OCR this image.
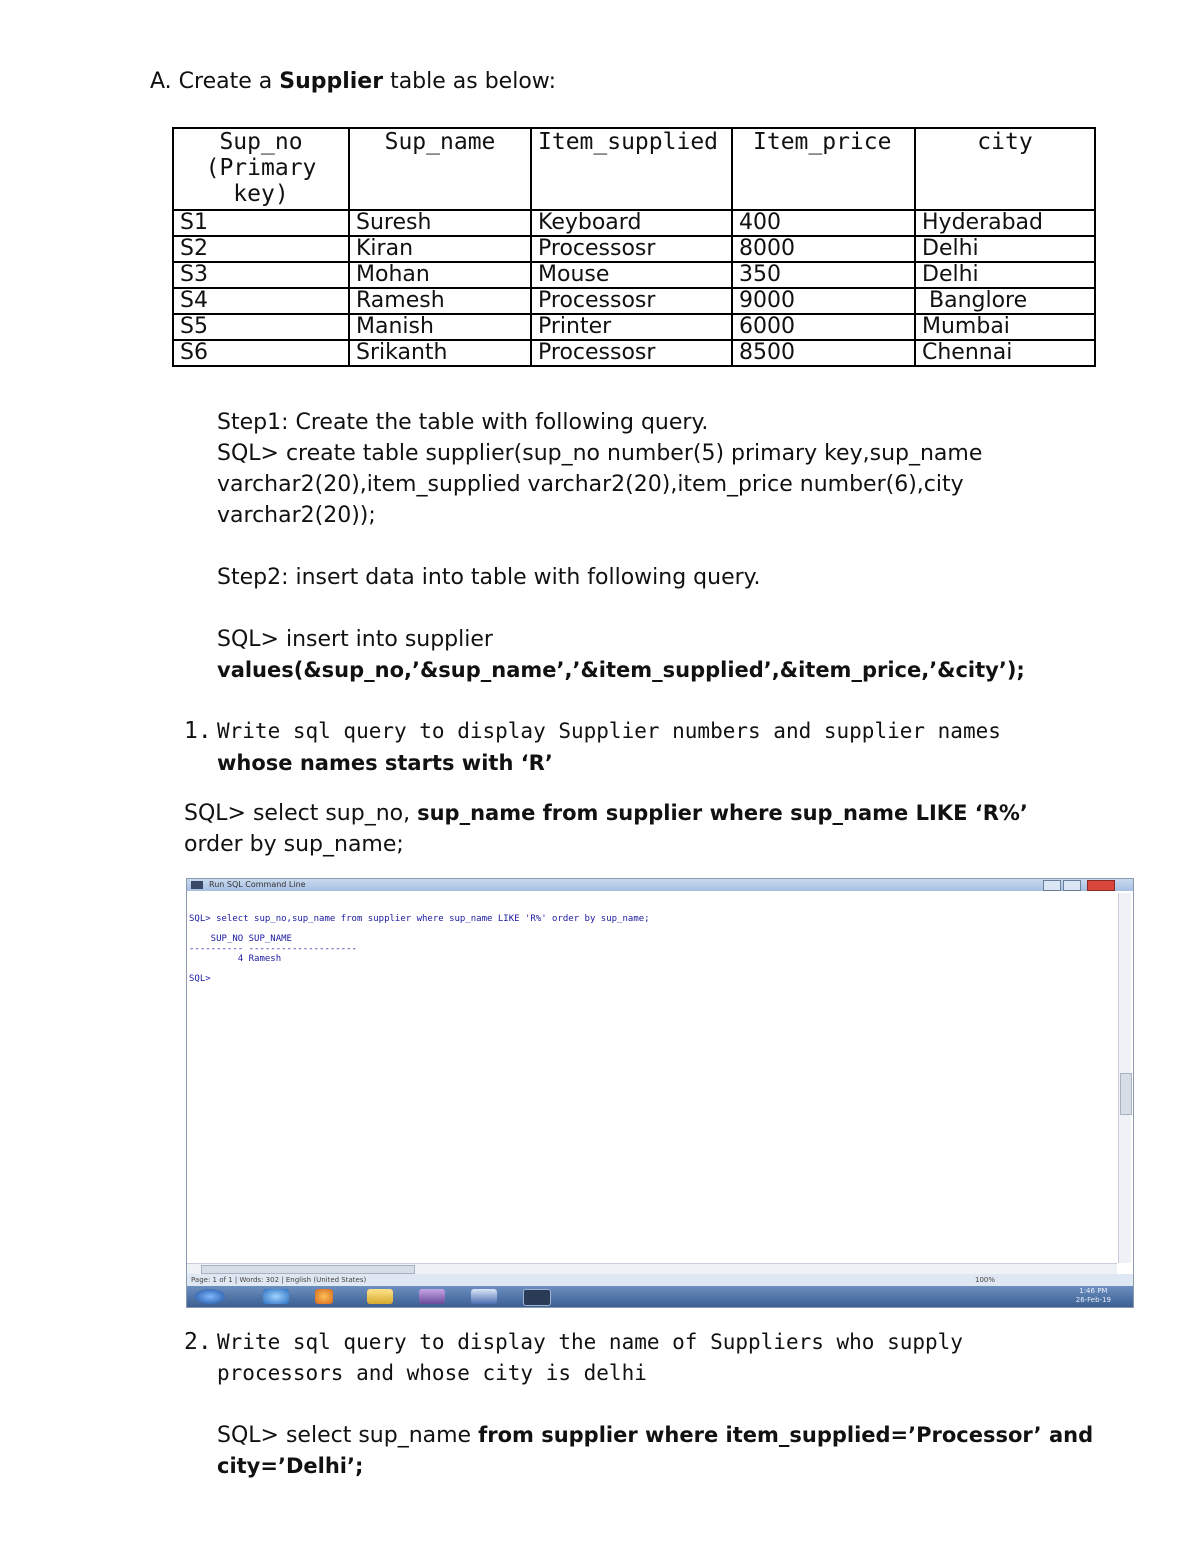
A. Create a Supplier table as below:
Sup_no
(Primary
key)	Sup_name	Item_supplied	Item_price	city
S1	Suresh	Keyboard	400	Hyderabad
S2	Kiran	Processosr	8000	Delhi
S3	Mohan	Mouse	350	Delhi
S4	Ramesh	Processosr	9000	Banglore
S5	Manish	Printer	6000	Mumbai
S6	Srikanth	Processosr	8500	Chennai
Step1: Create the table with following query.
SQL> create table supplier(sup_no number(5) primary key,sup_name
varchar2(20),item_supplied varchar2(20),item_price number(6),city
varchar2(20));
Step2: insert data into table with following query.
SQL> insert into supplier
values(&sup_no,’&sup_name’,’&item_supplied’,&item_price,’&city’);
1. Write sql query to display Supplier numbers and supplier names
whose names starts with ‘R’
SQL> select sup_no, sup_name from supplier where sup_name LIKE ‘R%’
order by sup_name;
Run SQL Command Line
SQL> select sup_no,sup_name from supplier where sup_name LIKE 'R%' order by sup_name;
SUP_NO SUP_NAME
---------- --------------------
4 Ramesh
SQL>
Page: 1 of 1 | Words: 302 | English (United States)	100%
1:46 PM
26-Feb-19
2. Write sql query to display the name of Suppliers who supply
processors and whose city is delhi
SQL> select sup_name from supplier where item_supplied=’Processor’ and
city=’Delhi’;
